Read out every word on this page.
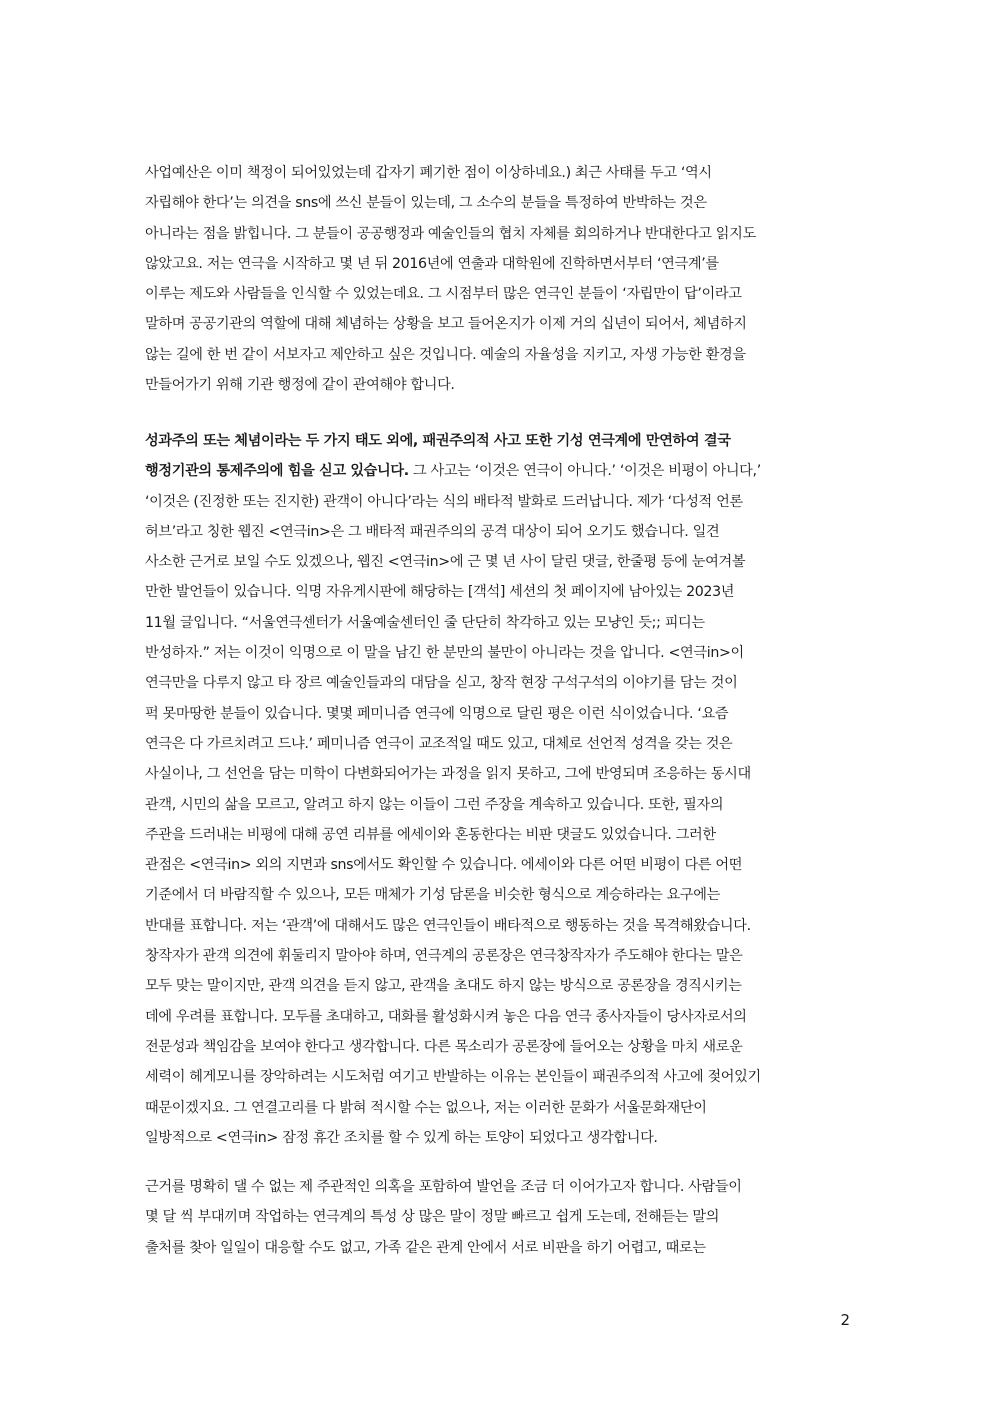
사업예산은 이미 책정이 되어있었는데 갑자기 폐기한 점이 이상하네요.) 최근 사태를 두고 ‘역시
자립해야 한다’는 의견을 sns에 쓰신 분들이 있는데, 그 소수의 분들을 특정하여 반박하는 것은
아니라는 점을 밝힙니다. 그 분들이 공공행정과 예술인들의 협치 자체를 회의하거나 반대한다고 읽지도
않았고요. 저는 연극을 시작하고 몇 년 뒤 2016년에 연출과 대학원에 진학하면서부터 ‘연극계’를
이루는 제도와 사람들을 인식할 수 있었는데요. 그 시점부터 많은 연극인 분들이 ‘자립만이 답’이라고
말하며 공공기관의 역할에 대해 체념하는 상황을 보고 들어온지가 이제 거의 십년이 되어서, 체념하지
않는 길에 한 번 같이 서보자고 제안하고 싶은 것입니다. 예술의 자율성을 지키고, 자생 가능한 환경을
만들어가기 위해 기관 행정에 같이 관여해야 합니다.
성과주의 또는 체념이라는 두 가지 태도 외에, 패권주의적 사고 또한 기성 연극계에 만연하여 결국
행정기관의 통제주의에 힘을 싣고 있습니다. 그 사고는 ‘이것은 연극이 아니다.’ ‘이것은 비평이 아니다,’
‘이것은 (진정한 또는 진지한) 관객이 아니다’라는 식의 배타적 발화로 드러납니다. 제가 ‘다성적 언론
허브’라고 칭한 웹진 <연극in>은 그 배타적 패권주의의 공격 대상이 되어 오기도 했습니다. 일견
사소한 근거로 보일 수도 있겠으나, 웹진 <연극in>에 근 몇 년 사이 달린 댓글, 한줄평 등에 눈여겨볼
만한 발언들이 있습니다. 익명 자유게시판에 해당하는 [객석] 세션의 첫 페이지에 남아있는 2023년
11월 글입니다. “서울연극센터가 서울예술센터인 줄 단단히 착각하고 있는 모냥인 듯;; 피디는
반성하자.” 저는 이것이 익명으로 이 말을 남긴 한 분만의 불만이 아니라는 것을 압니다. <연극in>이
연극만을 다루지 않고 타 장르 예술인들과의 대담을 싣고, 창작 현장 구석구석의 이야기를 담는 것이
퍽 못마땅한 분들이 있습니다. 몇몇 페미니즘 연극에 익명으로 달린 평은 이런 식이었습니다. ‘요즘
연극은 다 가르치려고 드냐.’ 페미니즘 연극이 교조적일 때도 있고, 대체로 선언적 성격을 갖는 것은
사실이나, 그 선언을 담는 미학이 다변화되어가는 과정을 읽지 못하고, 그에 반영되며 조응하는 동시대
관객, 시민의 삶을 모르고, 알려고 하지 않는 이들이 그런 주장을 계속하고 있습니다. 또한, 필자의
주관을 드러내는 비평에 대해 공연 리뷰를 에세이와 혼동한다는 비판 댓글도 있었습니다. 그러한
관점은 <연극in> 외의 지면과 sns에서도 확인할 수 있습니다. 에세이와 다른 어떤 비평이 다른 어떤
기준에서 더 바람직할 수 있으나, 모든 매체가 기성 담론을 비슷한 형식으로 계승하라는 요구에는
반대를 표합니다. 저는 ‘관객’에 대해서도 많은 연극인들이 배타적으로 행동하는 것을 목격해왔습니다.
창작자가 관객 의견에 휘둘리지 말아야 하며, 연극계의 공론장은 연극창작자가 주도해야 한다는 말은
모두 맞는 말이지만, 관객 의견을 듣지 않고, 관객을 초대도 하지 않는 방식으로 공론장을 경직시키는
데에 우려를 표합니다. 모두를 초대하고, 대화를 활성화시켜 놓은 다음 연극 종사자들이 당사자로서의
전문성과 책임감을 보여야 한다고 생각합니다. 다른 목소리가 공론장에 들어오는 상황을 마치 새로운
세력이 헤게모니를 장악하려는 시도처럼 여기고 반발하는 이유는 본인들이 패권주의적 사고에 젖어있기
때문이겠지요. 그 연결고리를 다 밝혀 적시할 수는 없으나, 저는 이러한 문화가 서울문화재단이
일방적으로 <연극in> 잠정 휴간 조치를 할 수 있게 하는 토양이 되었다고 생각합니다.
근거를 명확히 댈 수 없는 제 주관적인 의혹을 포함하여 발언을 조금 더 이어가고자 합니다. 사람들이
몇 달 씩 부대끼며 작업하는 연극계의 특성 상 많은 말이 정말 빠르고 쉽게 도는데, 전해듣는 말의
출처를 찾아 일일이 대응할 수도 없고, 가족 같은 관계 안에서 서로 비판을 하기 어렵고, 때로는
2
